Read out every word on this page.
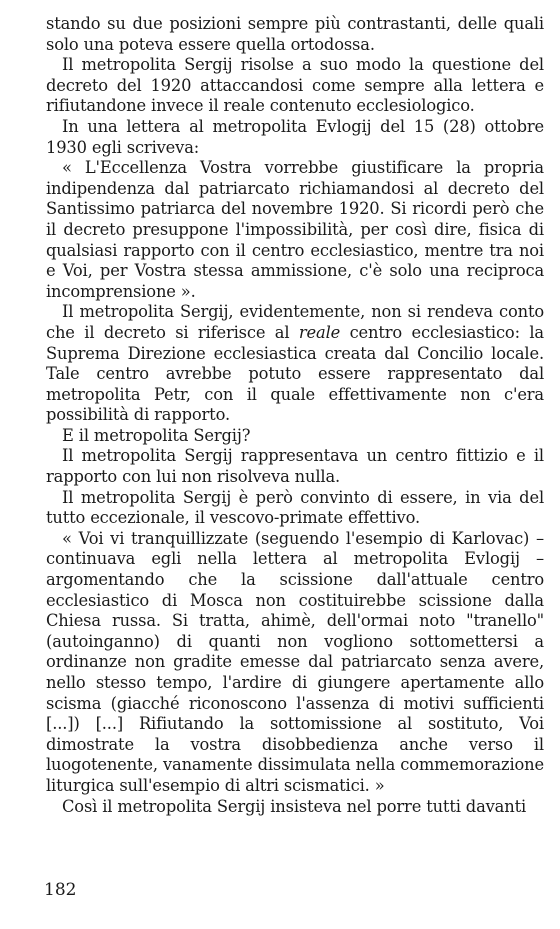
stando su due posizioni sempre più contrastanti, delle quali solo una poteva essere quella ortodossa.

Il metropolita Sergij risolse a suo modo la questione del decreto del 1920 attaccandosi come sempre alla lettera e rifiutandone invece il reale contenuto ecclesiologico.

In una lettera al metropolita Evlogij del 15 (28) ottobre 1930 egli scriveva:

« L'Eccellenza Vostra vorrebbe giustificare la propria indipendenza dal patriarcato richiamandosi al decreto del Santissimo patriarca del novembre 1920. Si ricordi però che il decreto presuppone l'impossibilità, per così dire, fisica di qualsiasi rapporto con il centro ecclesiastico, mentre tra noi e Voi, per Vostra stessa ammissione, c'è solo una reciproca incomprensione ».

Il metropolita Sergij, evidentemente, non si rendeva conto che il decreto si riferisce al reale centro ecclesiastico: la Suprema Direzione ecclesiastica creata dal Concilio locale. Tale centro avrebbe potuto essere rappresentato dal metropolita Petr, con il quale effettivamente non c'era possibilità di rapporto.

E il metropolita Sergij?

Il metropolita Sergij rappresentava un centro fittizio e il rapporto con lui non risolveva nulla.

Il metropolita Sergij è però convinto di essere, in via del tutto eccezionale, il vescovo-primate effettivo.

« Voi vi tranquillizzate (seguendo l'esempio di Karlovac) – continuava egli nella lettera al metropolita Evlogij – argomentando che la scissione dall'attuale centro ecclesiastico di Mosca non costituirebbe scissione dalla Chiesa russa. Si tratta, ahimè, dell'ormai noto "tranello" (autoinganno) di quanti non vogliono sottomettersi a ordinanze non gradite emesse dal patriarcato senza avere, nello stesso tempo, l'ardire di giungere apertamente allo scisma (giacché riconoscono l'assenza di motivi sufficienti [...]) [...] Rifiutando la sottomissione al sostituto, Voi dimostrate la vostra disobbedienza anche verso il luogotenente, vanamente dissimulata nella commemorazione liturgica sull'esempio di altri scismatici. »

Così il metropolita Sergij insisteva nel porre tutti davanti

182
